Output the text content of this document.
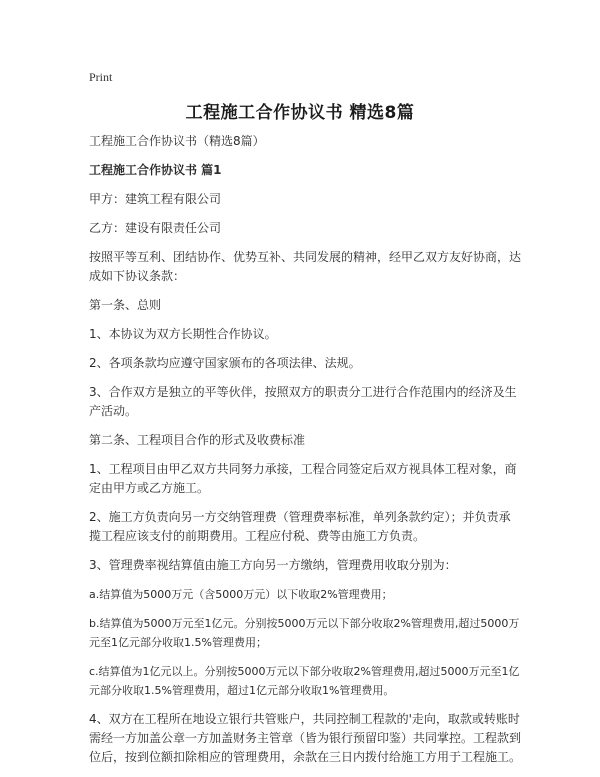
Print
工程施工合作协议书 精选8篇

工程施工合作协议书（精选8篇）

工程施工合作协议书 篇1

甲方：建筑工程有限公司

乙方：建设有限责任公司

按照平等互利、团结协作、优势互补、共同发展的精神，经甲乙双方友好协商，达成如下协议条款：

第一条、总则

1、本协议为双方长期性合作协议。

2、各项条款均应遵守国家颁布的各项法律、法规。

3、合作双方是独立的平等伙伴，按照双方的职责分工进行合作范围内的经济及生产活动。

第二条、工程项目合作的形式及收费标准

1、工程项目由甲乙双方共同努力承接，工程合同签定后双方视具体工程对象，商定由甲方或乙方施工。

2、施工方负责向另一方交纳管理费（管理费率标准，单列条款约定）；并负责承揽工程应该支付的前期费用。工程应付税、费等由施工方负责。

3、管理费率视结算值由施工方向另一方缴纳，管理费用收取分别为：

a.结算值为5000万元（含5000万元）以下收取2%管理费用；

b.结算值为5000万元至1亿元。分别按5000万元以下部分收取2%管理费用,超过5000万元至1亿元部分收取1.5%管理费用；

c.结算值为1亿元以上。分别按5000万元以下部分收取2%管理费用,超过5000万元至1亿元部分收取1.5%管理费用，超过1亿元部分收取1%管理费用。

4、双方在工程所在地设立银行共管账户，共同控制工程款的'走向，取款或转账时需经一方加盖公章一方加盖财务主管章（皆为银行预留印鉴）共同掌控。工程款到位后，按到位额扣除相应的管理费用，余款在三日内拨付给施工方用于工程施工。
